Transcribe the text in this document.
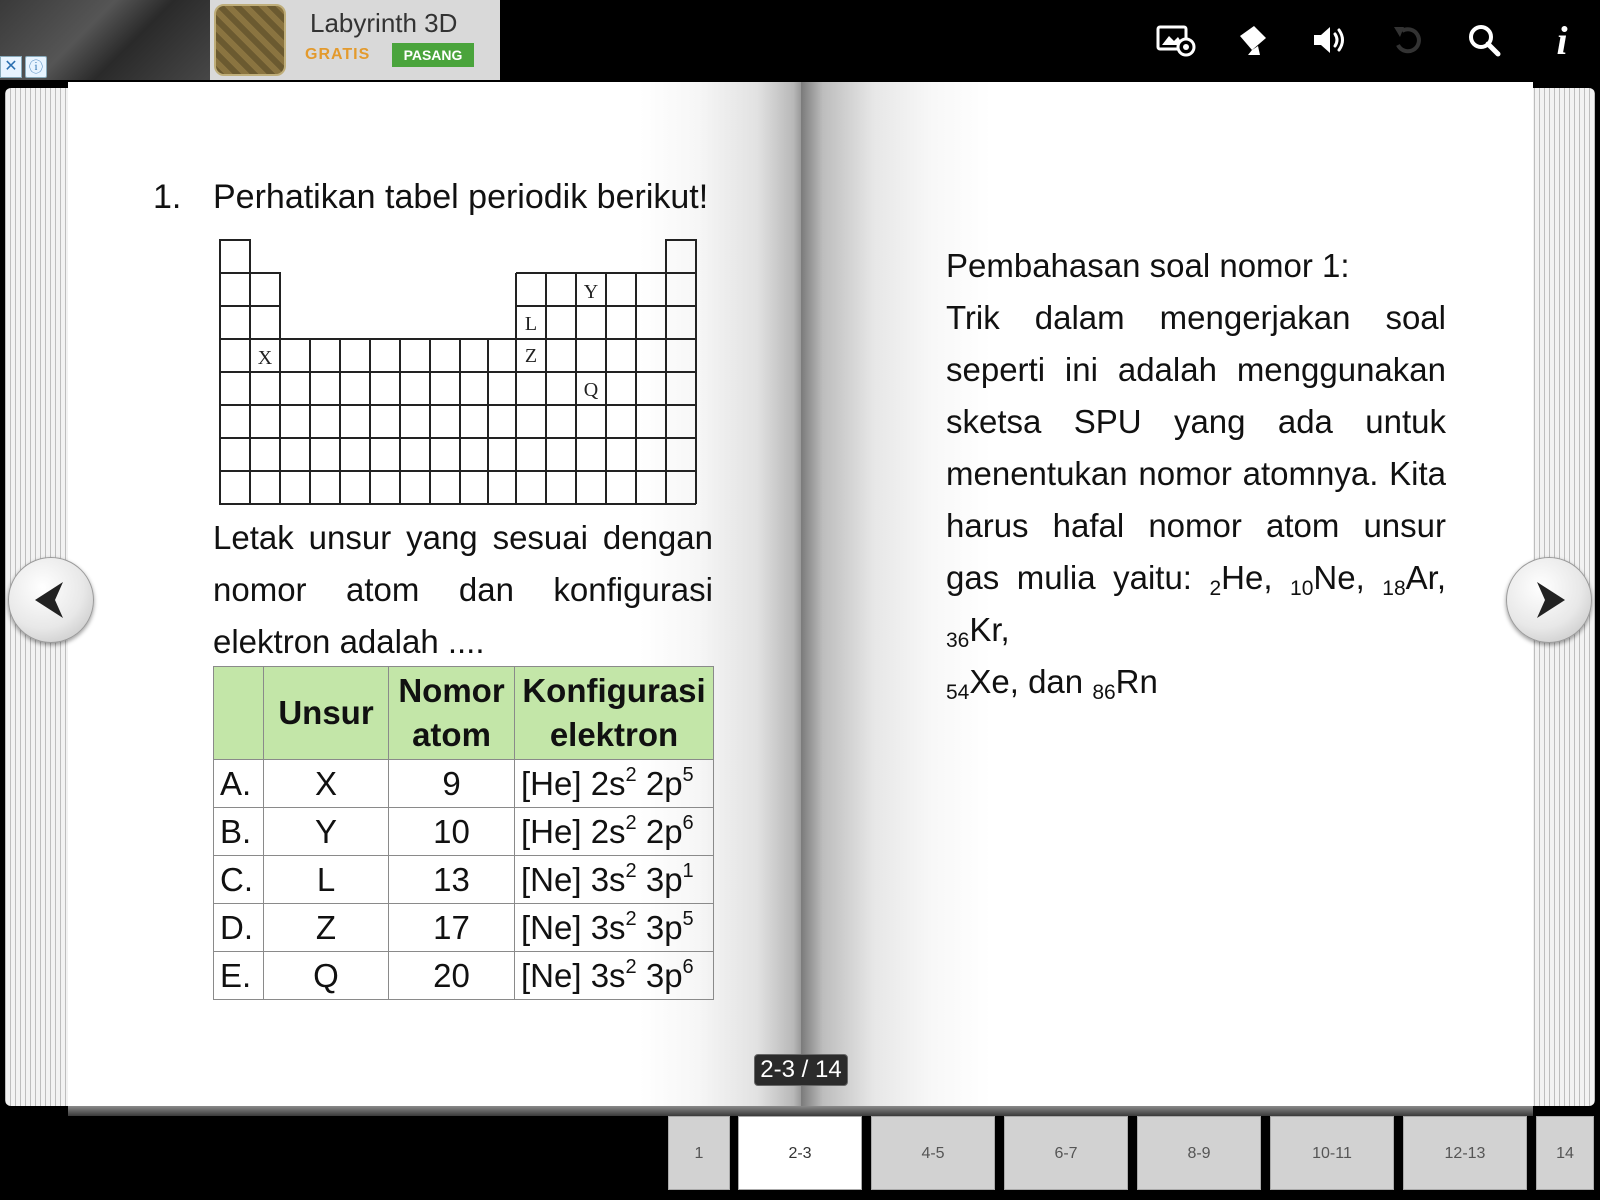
✕ ⓘ
Labyrinth 3D
GRATIS	PASANG	i
1. Perhatikan tabel periodik berikut!
X
L
Y
Z
Q
Letak unsur yang sesuai dengan nomor atom dan konfigurasi elektron adalah ....
	Unsur	Nomor atom	Konfigurasi elektron
A.	X	9	[He] $2s^2$ $2p^5$
B.	Y	10	[He] $2s^2$ $2p^6$
C.	L	13	[Ne] $3s^2$ $3p^1$
D.	Z	17	[Ne] $3s^2$ $3p^5$
E.	Q	20	[Ne] $3s^2$ $3p^6$

Pembahasan soal nomor 1:

Trik dalam mengerjakan soal seperti ini adalah menggunakan sketsa SPU yang ada untuk menentukan nomor atomnya. Kita harus hafal nomor atom unsur gas mulia yaitu: $_2$He, $_{10}$Ne, $_{18}$Ar, $_{36}$Kr,

$_{54}$Xe, dan $_{86}$Rn

2-3 / 14
1	2-3	4-5	6-7	8-9	10-11	12-13	14
